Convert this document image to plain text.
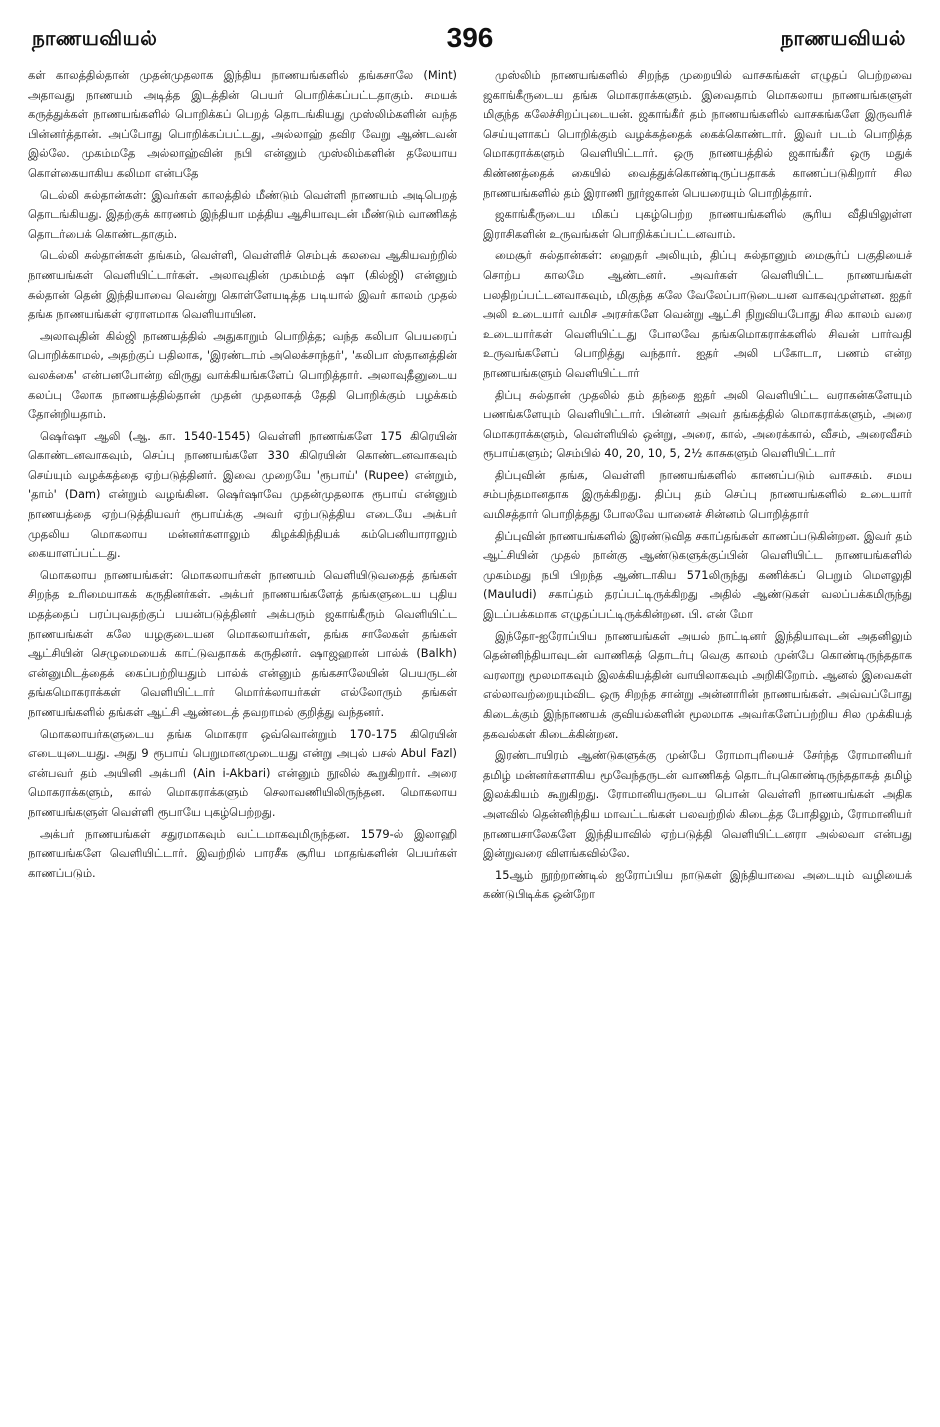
நாணயவியல்	396	நாணயவியல்

கள் காலத்தில்தான் முதன்முதலாக இந்திய நாணயங்களில் தங்கசாலே (Mint) அதாவது நாணயம் அடித்த இடத்தின் பெயர் பொறிக்கப்பட்டதாகும். சமயக் கருத்துக்கள் நாணயங்களில் பொறிக்கப் பெறத் தொடங்கியது முஸ்லிம்களின் வந்த பின்னர்த்தான். அப்போது பொறிக்கப்பட்டது, அல்லாஹ் தவிர வேறு ஆண்டவன் இல்லே. முகம்மதே அல்லாஹ்வின் நபி என்னும் முஸ்லிம்களின் தலேயாய கொள்கையாகிய கலிமா என்பதே

டெல்லி சுல்தான்கள்: இவர்கள் காலத்தில் மீண்டும் வெள்ளி நாணயம் அடிபெறத் தொடங்கியது. இதற்குக் காரணம் இந்தியா மத்திய ஆசியாவுடன் மீண்டும் வாணிகத் தொடர்பைக் கொண்டதாகும்.

டெல்லி சுல்தான்கள் தங்கம், வெள்ளி, வெள்ளிச் செம்புக் கலவை ஆகியவற்றில் நாணயங்கள் வெளியிட்டார்கள். அலாவுதின் முகம்மத் ஷா (கில்ஜி) என்னும் சுல்தான் தென் இந்தியாவை வென்று கொள்ளேயடித்த படியால் இவர் காலம் முதல் தங்க நாணயங்கள் ஏராளமாக வெளியாயின.

அலாவுதின் கில்ஜி நாணயத்தில் அதுகாறும் பொறித்த; வந்த கலிபா பெயரைப் பொறிக்காமல், அதற்குப் பதிலாக, 'இரண்டாம் அலெக்சாந்தர்', 'கலிபா ஸ்தானத்தின் வலக்கை' என்பனபோன்ற விருது வாக்கியங்களேப் பொறித்தார். அலாவுதீனுடைய கலப்பு லோக நாணயத்தில்தான் முதன் முதலாகத் தேதி பொறிக்கும் பழக்கம் தோன்றியதாம்.

ஷெர்ஷா ஆலி (ஆ. கா. 1540-1545) வெள்ளி நாணங்களே 175 கிரெயின் கொண்டனவாகவும், செப்பு நாணயங்களே 330 கிரெயின் கொண்டனவாகவும் செய்யும் வழக்கத்தை ஏற்படுத்தினர். இவை முறையே 'ரூபாய்' (Rupee) என்றும், 'தாம்' (Dam) என்றும் வழங்கின. ஷெர்ஷாவே முதன்முதலாக ரூபாய் என்னும் நாணயத்தை ஏற்படுத்தியவர் ரூபாய்க்கு அவர் ஏற்படுத்திய எடையே அக்பர் முதலிய மொகலாய மன்னர்களாலும் கிழக்கிந்தியக் கம்பெனியாராலும் கையாளப்பட்டது.

மொகலாய நாணயங்கள்: மொகலாயர்கள் நாணயம் வெளியிடுவதைத் தங்கள் சிறந்த உரிமையாகக் கருதினர்கள். அக்பர் நாணயங்களேத் தங்களுடைய புதிய மதத்தைப் பரப்புவதற்குப் பயன்படுத்தினர் அக்பரும் ஜகாங்கீரும் வெளியிட்ட நாணயங்கள் கலே யழகுடையன மொகலாயர்கள், தங்க சாலேகள் தங்கள் ஆட்சியின் செழுமையைக் காட்டுவதாகக் கருதினர். ஷாஜஹான் பால்க் (Balkh) என்னுமிடத்தைக் கைப்பற்றியதும் பால்க் என்னும் தங்கசாலேயின் பெயருடன் தங்கமொகராக்கள் வெளியிட்டார் மொர்க்லாயர்கள் எல்லோரும் தங்கள் நாணயங்களில் தங்கள் ஆட்சி ஆண்டைத் தவறாமல் குறித்து வந்தனர்.

மொகலாயர்களுடைய தங்க மொகரா ஒவ்வொன்றும் 170-175 கிரெயின் எடையுடையது. அது 9 ரூபாய் பெறுமானமுடையது என்று அபுல் பசல் Abul Fazl) என்பவர் தம் அயினி அக்பரி (Ain i-Akbari) என்னும் நூலில் கூறுகிறார். அரை மொகராக்களும், கால் மொகராக்களும் செலாவணியிலிருந்தன. மொகலாய நாணயங்களுள் வெள்ளி ரூபாயே புகழ்பெற்றது.

அக்பர் நாணயங்கள் சதுரமாகவும் வட்டமாகவுமிருந்தன. 1579-ல் இலாஹி நாணயங்களே வெளியிட்டார். இவற்றில் பாரசீக சூரிய மாதங்களின் பெயர்கள் காணப்படும்.

முஸ்லிம் நாணயங்களில் சிறந்த முறையில் வாசகங்கள் எழுதப் பெற்றவை ஜகாங்கீருடைய தங்க மொகராக்களும். இவைதாம் மொகலாய நாணயங்களுள் மிகுந்த கலேச்சிறப்புடையன். ஜகாங்கீர் தம் நாணயங்களில் வாசகங்களே இருவரிச் செய்யுளாகப் பொறிக்கும் வழக்கத்தைக் கைக்கொண்டார். இவர் படம் பொறித்த மொகராக்களும் வெளியிட்டார். ஒரு நாணயத்தில் ஜகாங்கீர் ஒரு மதுக் கிண்ணத்தைக் கையில் வைத்துக்கொண்டிருப்பதாகக் காணப்படுகிறார் சில நாணயங்களில் தம் இராணி நூர்ஜகான் பெயரையும் பொறித்தார்.

ஜகாங்கீருடைய மிகப் புகழ்பெற்ற நாணயங்களில் சூரிய வீதியிலுள்ள இராசிகளின் உருவங்கள் பொறிக்கப்பட்டனவாம்.

மைசூர் சுல்தான்கள்: ஹைதர் அலியும், திப்பு சுல்தானும் மைசூர்ப் பகுதியைச் சொற்ப காலமே ஆண்டனர். அவர்கள் வெளியிட்ட நாணயங்கள் பலதிறப்பட்டனவாகவும், மிகுந்த கலே வேலேப்பாடுடையன வாகவுமுள்ளன. ஐதர் அலி உடையார் வமிச அரசர்களே வென்று ஆட்சி நிறுவியபோது சில காலம் வரை உடையார்கள் வெளியிட்டது போலவே தங்கமொகராக்களில் சிவன் பார்வதி உருவங்களேப் பொறித்து வந்தார். ஐதர் அலி பகோடா, பணம் என்ற நாணயங்களும் வெளியிட்டார்

திப்பு சுல்தான் முதலில் தம் தந்தை ஐதர் அலி வெளியிட்ட வராகன்களேயும் பணங்களேயும் வெளியிட்டார். பின்னர் அவர் தங்கத்தில் மொகராக்களும், அரை மொகராக்களும், வெள்ளியில் ஒன்று, அரை, கால், அரைக்கால், வீசம், அரைவீசம் ரூபாய்களும்; செம்பில் 40, 20, 10, 5, 2½ காசுகளும் வெளியிட்டார்

திப்புவின் தங்க, வெள்ளி நாணயங்களில் காணப்படும் வாசகம். சமய சம்பந்தமானதாக இருக்கிறது. திப்பு தம் செப்பு நாணயங்களில் உடையார் வமிசத்தார் பொறித்தது போலவே யானைச் சின்னம் பொறித்தார்

திப்புவின் நாணயங்களில் இரண்டுவித சகாப்தங்கள் காணப்படுகின்றன. இவர் தம் ஆட்சியின் முதல் நான்கு ஆண்டுகளுக்குப்பின் வெளியிட்ட நாணயங்களில் முகம்மது நபி பிறந்த ஆண்டாகிய 571லிருந்து கணிக்கப் பெறும் மௌலுதி (Mauludi) சகாப்தம் தரப்பட்டிருக்கிறது அதில் ஆண்டுகள் வலப்பக்கமிருந்து இடப்பக்கமாக எழுதப்பட்டிருக்கின்றன. பி. என் மோ

இந்தோ-ஐரோப்பிய நாணயங்கள் அயல் நாட்டினர் இந்தியாவுடன் அதனிலும் தென்னிந்தியாவுடன் வாணிகத் தொடர்பு வெகு காலம் முன்பே கொண்டிருந்ததாக வரலாறு மூலமாகவும் இலக்கியத்தின் வாயிலாகவும் அறிகிறோம். ஆனல் இவைகள் எல்லாவற்றையும்விட ஒரு சிறந்த சான்று அன்னாரின் நாணயங்கள். அவ்வப்போது கிடைக்கும் இந்நாணயக் குவியல்களின் மூலமாக அவர்களேப்பற்றிய சில முக்கியத் தகவல்கள் கிடைக்கின்றன.

இரண்டாயிரம் ஆண்டுகளுக்கு முன்பே ரோமாபுரியைச் சேர்ந்த ரோமானியர் தமிழ் மன்னர்களாகிய மூவேந்தருடன் வாணிகத் தொடர்புகொண்டிருந்ததாகத் தமிழ் இலக்கியம் கூறுகிறது. ரோமானியருடைய பொன் வெள்ளி நாணயங்கள் அதிக அளவில் தென்னிந்திய மாவட்டங்கள் பலவற்றில் கிடைத்த போதிலும், ரோமானியர் நாணயசாலேகளே இந்தியாவில் ஏற்படுத்தி வெளியிட்டனரா அல்லவா என்பது இன்றுவரை விளங்கவில்லே.

15ஆம் நூற்றாண்டில் ஐரோப்பிய நாடுகள் இந்தியாவை அடையும் வழியைக் கண்டுபிடிக்க ஒன்றோ
